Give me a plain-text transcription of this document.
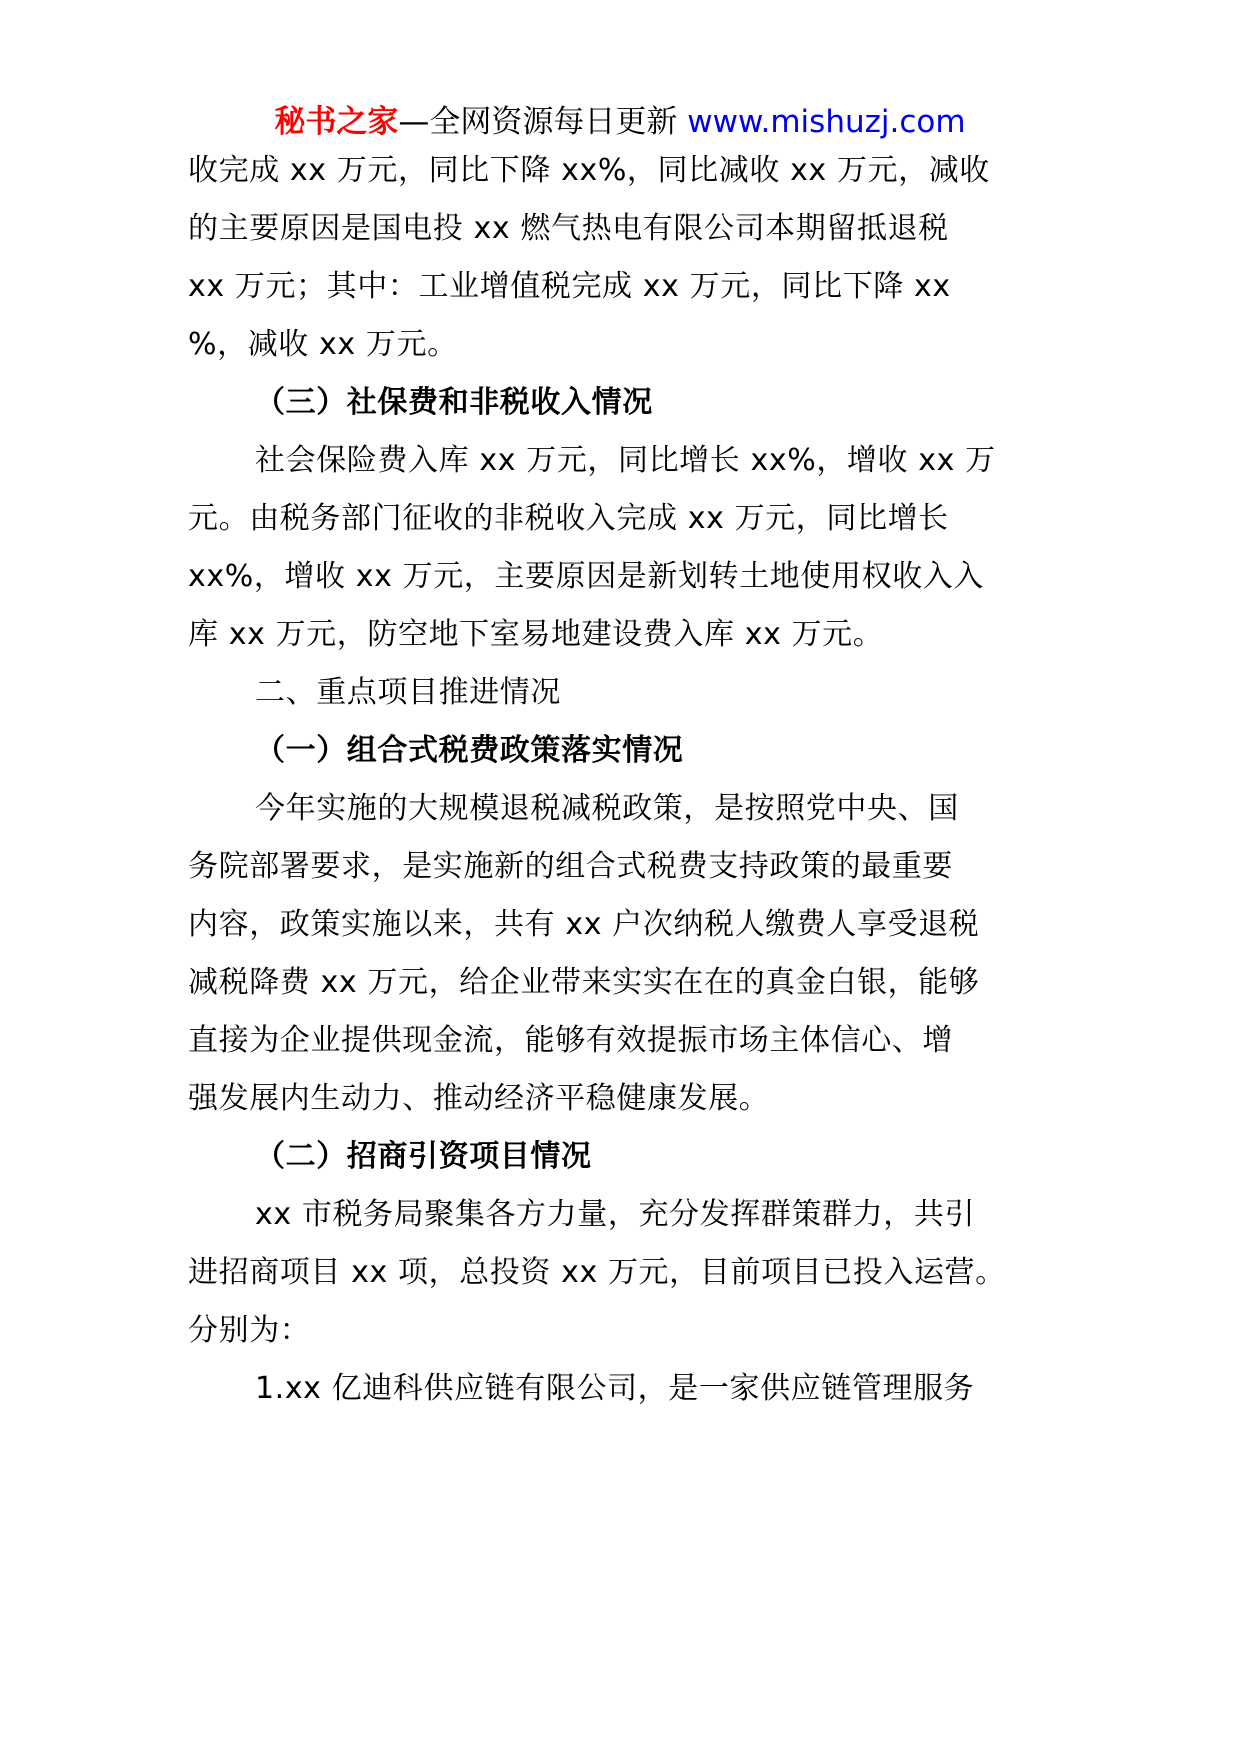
秘书之家—全网资源每日更新 www.mishuzj.com
收完成 xx 万元，同比下降 xx%，同比减收 xx 万元，减收
的主要原因是国电投 xx 燃气热电有限公司本期留抵退税
xx 万元；其中：工业增值税完成 xx 万元，同比下降 xx
%，减收 xx 万元。
（三）社保费和非税收入情况
社会保险费入库 xx 万元，同比增长 xx%，增收 xx 万
元。由税务部门征收的非税收入完成 xx 万元，同比增长
xx%，增收 xx 万元，主要原因是新划转土地使用权收入入
库 xx 万元，防空地下室易地建设费入库 xx 万元。
二、重点项目推进情况
（一）组合式税费政策落实情况
今年实施的大规模退税减税政策，是按照党中央、国
务院部署要求，是实施新的组合式税费支持政策的最重要
内容，政策实施以来，共有 xx 户次纳税人缴费人享受退税
减税降费 xx 万元，给企业带来实实在在的真金白银，能够
直接为企业提供现金流，能够有效提振市场主体信心、增
强发展内生动力、推动经济平稳健康发展。
（二）招商引资项目情况
xx 市税务局聚集各方力量，充分发挥群策群力，共引
进招商项目 xx 项，总投资 xx 万元，目前项目已投入运营。
分别为：
1.xx 亿迪科供应链有限公司，是一家供应链管理服务
